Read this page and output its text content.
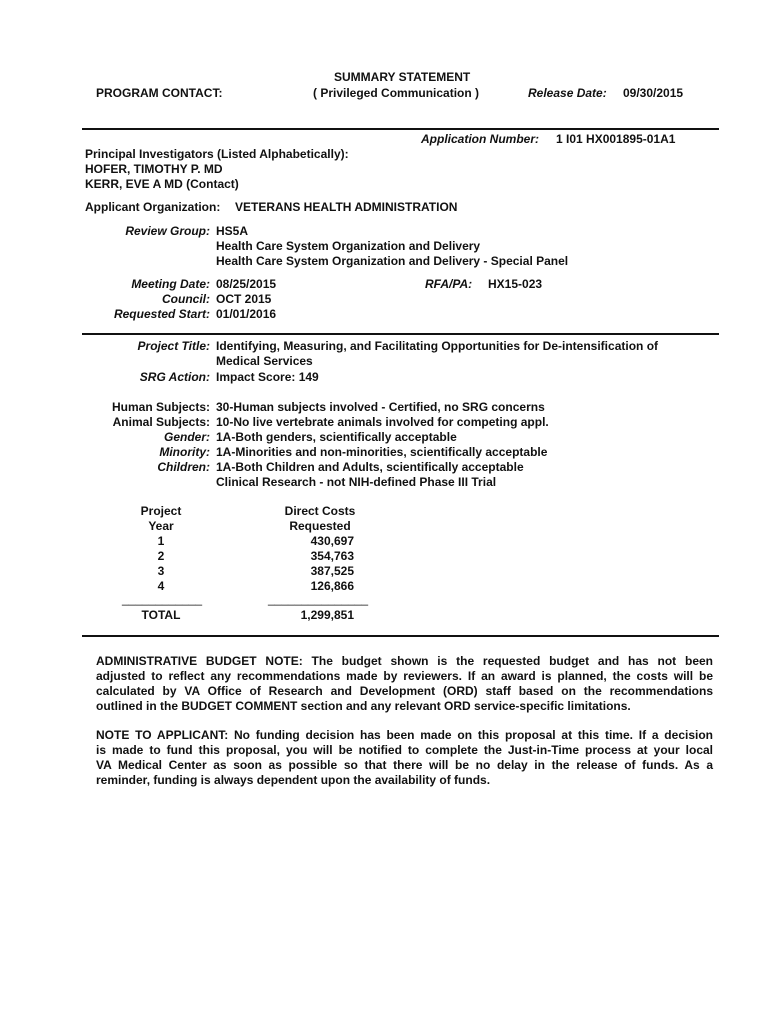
PROGRAM CONTACT:
SUMMARY STATEMENT
( Privileged Communication )	Release Date: 09/30/2015
Application Number: 1 I01 HX001895-01A1
Principal Investigators (Listed Alphabetically):
HOFER, TIMOTHY P. MD
KERR, EVE A MD (Contact)
Applicant Organization: VETERANS HEALTH ADMINISTRATION
Review Group: HS5A
Health Care System Organization and Delivery
Health Care System Organization and Delivery - Special Panel
Meeting Date: 08/25/2015	RFA/PA: HX15-023
Council: OCT 2015
Requested Start: 01/01/2016
Project Title: Identifying, Measuring, and Facilitating Opportunities for De-intensification of
Medical Services
SRG Action: Impact Score: 149
Human Subjects: 30-Human subjects involved - Certified, no SRG concerns
Animal Subjects: 10-No live vertebrate animals involved for competing appl.
Gender: 1A-Both genders, scientifically acceptable
Minority: 1A-Minorities and non-minorities, scientifically acceptable
Children: 1A-Both Children and Adults, scientifically acceptable
Clinical Research - not NIH-defined Phase III Trial
Project
Year
Direct Costs
Requested
1	430,697
2	354,763
3	387,525
4	126,866
____________	_______________
TOTAL	1,299,851
ADMINISTRATIVE BUDGET NOTE: The budget shown is the requested budget and has not been
adjusted to reflect any recommendations made by reviewers. If an award is planned, the costs will be
calculated by VA Office of Research and Development (ORD) staff based on the recommendations
outlined in the BUDGET COMMENT section and any relevant ORD service-specific limitations.
NOTE TO APPLICANT: No funding decision has been made on this proposal at this time. If a decision
is made to fund this proposal, you will be notified to complete the Just-in-Time process at your local
VA Medical Center as soon as possible so that there will be no delay in the release of funds. As a
reminder, funding is always dependent upon the availability of funds.
